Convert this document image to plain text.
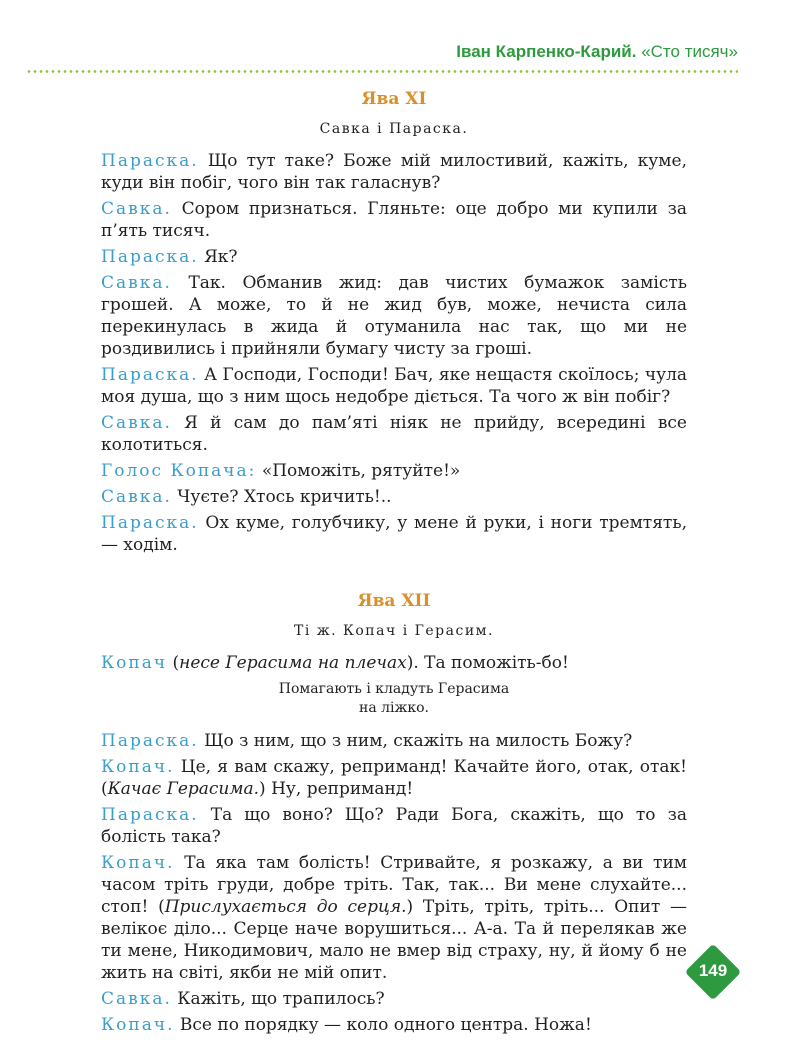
Іван Карпенко-Карий. «Сто тисяч»

Ява XI

Савка і Параска.

Параска. Що тут таке? Боже мій милостивий, кажіть, куме, куди він побіг, чого він так галаснув?

Савка. Сором признаться. Гляньте: оце добро ми купили за п’ять тисяч.

Параска. Як?

Савка. Так. Обманив жид: дав чистих бумажок замість грошей. А може, то й не жид був, може, нечиста сила перекинулась в жида й отуманила нас так, що ми не роздивились і прийняли бумагу чисту за гроші.

Параска. А Господи, Господи! Бач, яке нещастя скоїлось; чула моя душа, що з ним щось недобре діється. Та чого ж він побіг?

Савка. Я й сам до пам’яті ніяк не прийду, всередині все колотиться.

Голос Копача: «Поможіть, рятуйте!»

Савка. Чуєте? Хтось кричить!..

Параска. Ох куме, голубчику, у мене й руки, і ноги тремтять, — ходім.

Ява XII

Ті ж. Копач і Герасим.

Копач (несе Герасима на плечах). Та поможіть-бо!

Помагають і кладуть Герасима
на ліжко.

Параска. Що з ним, що з ним, скажіть на милость Божу?

Копач. Це, я вам скажу, реприманд! Качайте його, отак, отак! (Качає Герасима.) Ну, репримaнд!

Параска. Та що воно? Що? Ради Бога, скажіть, що то за болість така?

Копач. Та яка там болість! Стривайте, я розкажу, а ви тим часом тріть груди, добре тріть. Так, так... Ви мене слухайте... стоп! (Прислухається до серця.) Тріть, тріть, тріть... Опит — велікоє діло... Серце наче ворушиться... А-а. Та й перелякав же ти мене, Никодимович, мало не вмер від страху, ну, й йому б не жить на світі, якби не мій опит.

Савка. Кажіть, що трапилось?

Копач. Все по порядку — коло одного центра. Ножа!

149
